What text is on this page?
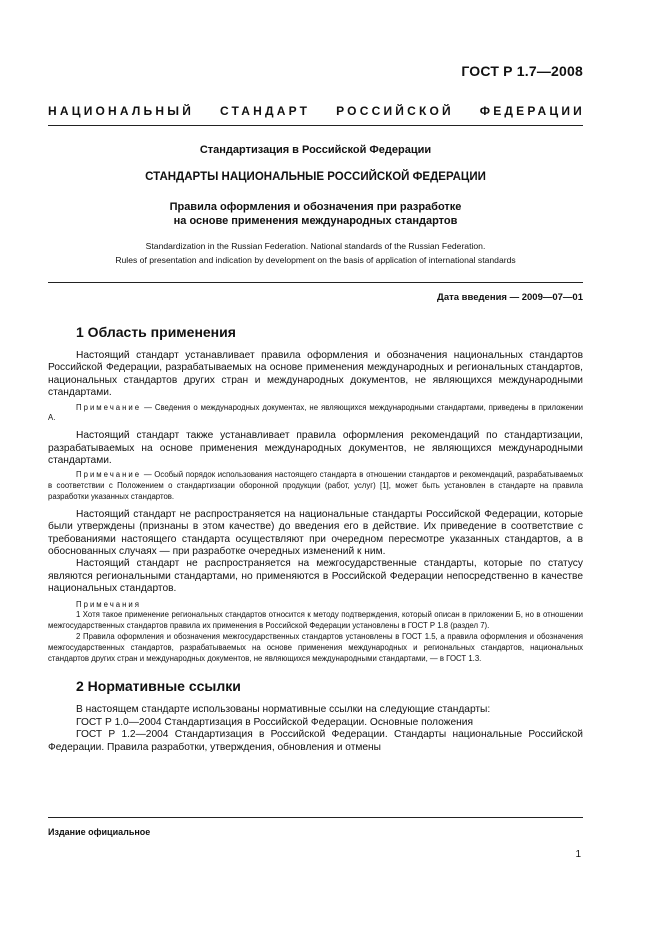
ГОСТ Р 1.7—2008
НАЦИОНАЛЬНЫЙ СТАНДАРТ РОССИЙСКОЙ ФЕДЕРАЦИИ
Стандартизация в Российской Федерации
СТАНДАРТЫ НАЦИОНАЛЬНЫЕ РОССИЙСКОЙ ФЕДЕРАЦИИ
Правила оформления и обозначения при разработке
на основе применения международных стандартов
Standardization in the Russian Federation. National standards of the Russian Federation.
Rules of presentation and indication by development on the basis of application of international standards
Дата введения — 2009—07—01
1 Область применения

Настоящий стандарт устанавливает правила оформления и обозначения национальных стандартов Российской Федерации, разрабатываемых на основе применения международных и региональных стандартов, национальных стандартов других стран и международных документов, не являющихся международными стандартами.

Примечание — Сведения о международных документах, не являющихся международными стандартами, приведены в приложении А.

Настоящий стандарт также устанавливает правила оформления рекомендаций по стандартизации, разрабатываемых на основе применения международных документов, не являющихся международными стандартами.

Примечание — Особый порядок использования настоящего стандарта в отношении стандартов и рекомендаций, разрабатываемых в соответствии с Положением о стандартизации оборонной продукции (работ, услуг) [1], может быть установлен в стандарте на правила разработки указанных стандартов.

Настоящий стандарт не распространяется на национальные стандарты Российской Федерации, которые были утверждены (признаны в этом качестве) до введения его в действие. Их приведение в соответствие с требованиями настоящего стандарта осуществляют при очередном пересмотре указанных стандартов, а в обоснованных случаях — при разработке очередных изменений к ним.

Настоящий стандарт не распространяется на межгосударственные стандарты, которые по статусу являются региональными стандартами, но применяются в Российской Федерации непосредственно в качестве национальных стандартов.

Примечания

1 Хотя такое применение региональных стандартов относится к методу подтверждения, который описан в приложении Б, но в отношении межгосударственных стандартов правила их применения в Российской Федерации установлены в ГОСТ Р 1.8 (раздел 7).

2 Правила оформления и обозначения межгосударственных стандартов установлены в ГОСТ 1.5, а правила оформления и обозначения межгосударственных стандартов, разрабатываемых на основе применения международных и региональных стандартов, национальных стандартов других стран и международных документов, не являющихся международными стандартами, — в ГОСТ 1.3.

2 Нормативные ссылки

В настоящем стандарте использованы нормативные ссылки на следующие стандарты:

ГОСТ Р 1.0—2004 Стандартизация в Российской Федерации. Основные положения

ГОСТ Р 1.2—2004 Стандартизация в Российской Федерации. Стандарты национальные Российской Федерации. Правила разработки, утверждения, обновления и отмены

Издание официальное
1
